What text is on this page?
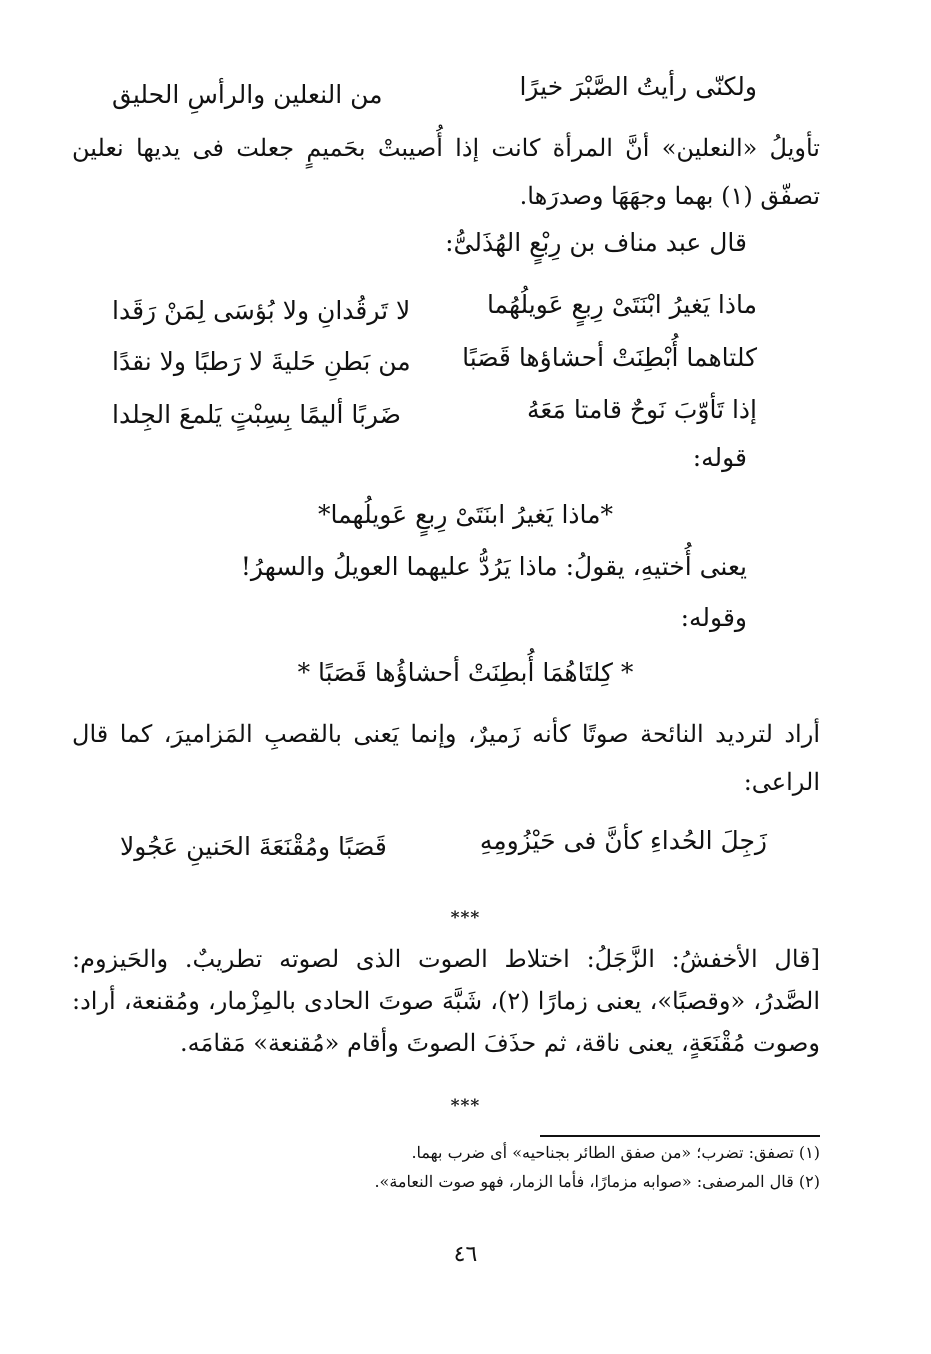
ولكنّى رأيتُ الصَّبْرَ خيرًا
من النعلين والرأسِ الحليق
تأويلُ «النعلين» أنَّ المرأة كانت إذا أُصيبتْ بحَميمٍ جعلت فى يديها نعلين تصفّق (١) بهما وجهَهَا وصدرَها.
قال عبد مناف بن رِبْعٍ الهُذَلىُّ:
ماذا يَغيرُ ابْنَتَىْ رِبعٍ عَويلُهُما
لا تَرقُدانِ ولا بُؤسَى لِمَنْ رَقَدا
كلتاهما أُبْطِنَتْ أحشاؤها قَصَبًا
من بَطنِ حَليةَ لا رَطبًا ولا نقدًا
إذا تَأوّبَ نَوحٌ قامتا مَعَهُ
ضَربًا أليمًا بِسِبْتٍ يَلمعَ الجِلدا
قوله:
*ماذا يَغيرُ ابنَتَىْ رِبعٍ عَويلُهما*
يعنى أُختيهِ، يقولُ: ماذا يَرُدُّ عليهما العويلُ والسهرُ!
وقوله:
* كِلتَاهُمَا أُبطِنَتْ أحشاؤُها قَصَبًا *
أراد لترديد النائحة صوتًا كأنه زَميرٌ، وإنما يَعنى بالقصبِ المَزاميرَ، كما قال الراعى:
زَجِلَ الحُداءِ كأنَّ فى حَيْزُومِهِ
قَصَبًا ومُقْنَعَةَ الحَنينِ عَجُولا
***
[قال الأخفشُ: الزَّجَلُ: اختلاط الصوت الذى لصوته تطريبٌ. والحَيزوم: الصَّدرُ، «وقصبًا»، يعنى زمارًا (٢)، شَبَّهَ صوتَ الحادى بالمِزْمار، ومُقنعة، أراد: وصوت مُقْنَعَةٍ، يعنى ناقة، ثم حذَفَ الصوتَ وأقام «مُقنعة» مَقامَه.
***
(١) تصفق: تضرب؛ «من صفق الطائر بجناحيه» أى ضرب بهما.
(٢) قال المرصفى: «صوابه مزمارًا، فأما الزمار، فهو صوت النعامة».
٤٦
